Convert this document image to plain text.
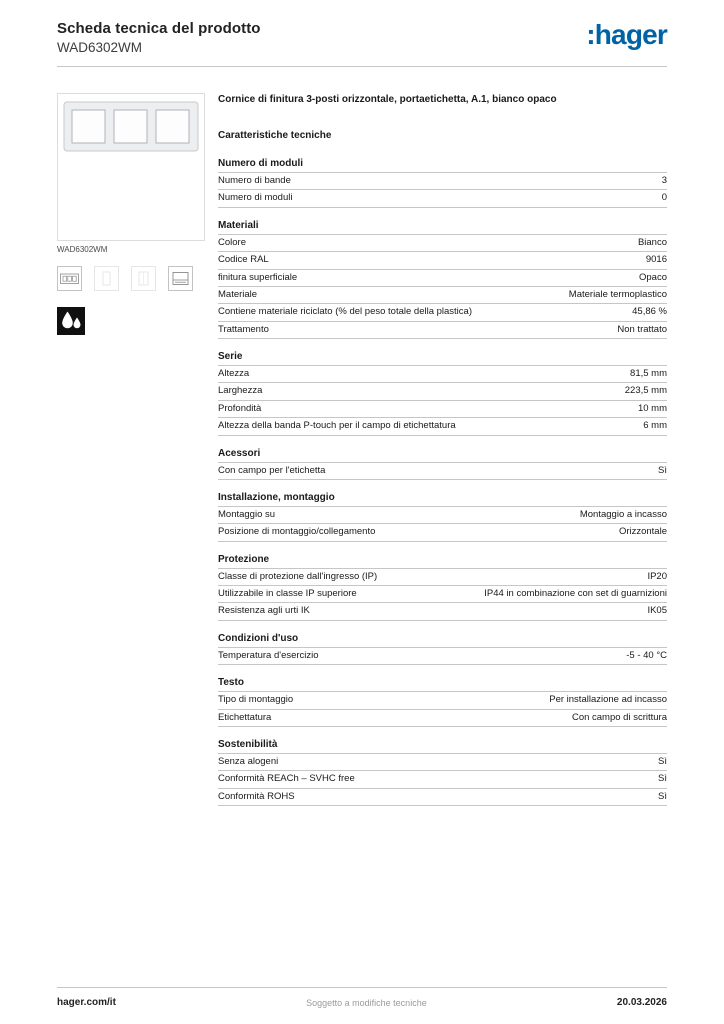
Scheda tecnica del prodotto
WAD6302WM	:hager
WAD6302WM
Cornice di finitura 3-posti orizzontale, portaetichetta, A.1, bianco opaco
Caratteristiche tecniche
Numero di moduli
Numero di bande	3
Numero di moduli	0
Materiali
Colore	Bianco
Codice RAL	9016
finitura superficiale	Opaco
Materiale	Materiale termoplastico
Contiene materiale riciclato (% del peso totale della plastica)	45,86 %
Trattamento	Non trattato
Serie
Altezza	81,5 mm
Larghezza	223,5 mm
Profondità	10 mm
Altezza della banda P-touch per il campo di etichettatura	6 mm
Acessori
Con campo per l'etichetta	Sì
Installazione, montaggio
Montaggio su	Montaggio a incasso
Posizione di montaggio/collegamento	Orizzontale
Protezione
Classe di protezione dall'ingresso (IP)	IP20
Utilizzabile in classe IP superiore	IP44 in combinazione con set di guarnizioni
Resistenza agli urti IK	IK05
Condizioni d'uso
Temperatura d'esercizio	-5 - 40 °C
Testo
Tipo di montaggio	Per installazione ad incasso
Etichettatura	Con campo di scrittura
Sostenibilità
Senza alogeni	Sì
Conformità REACh – SVHC free	Sì
Conformità ROHS	Sì
hager.com/it	Soggetto a modifiche tecniche	20.03.2026
